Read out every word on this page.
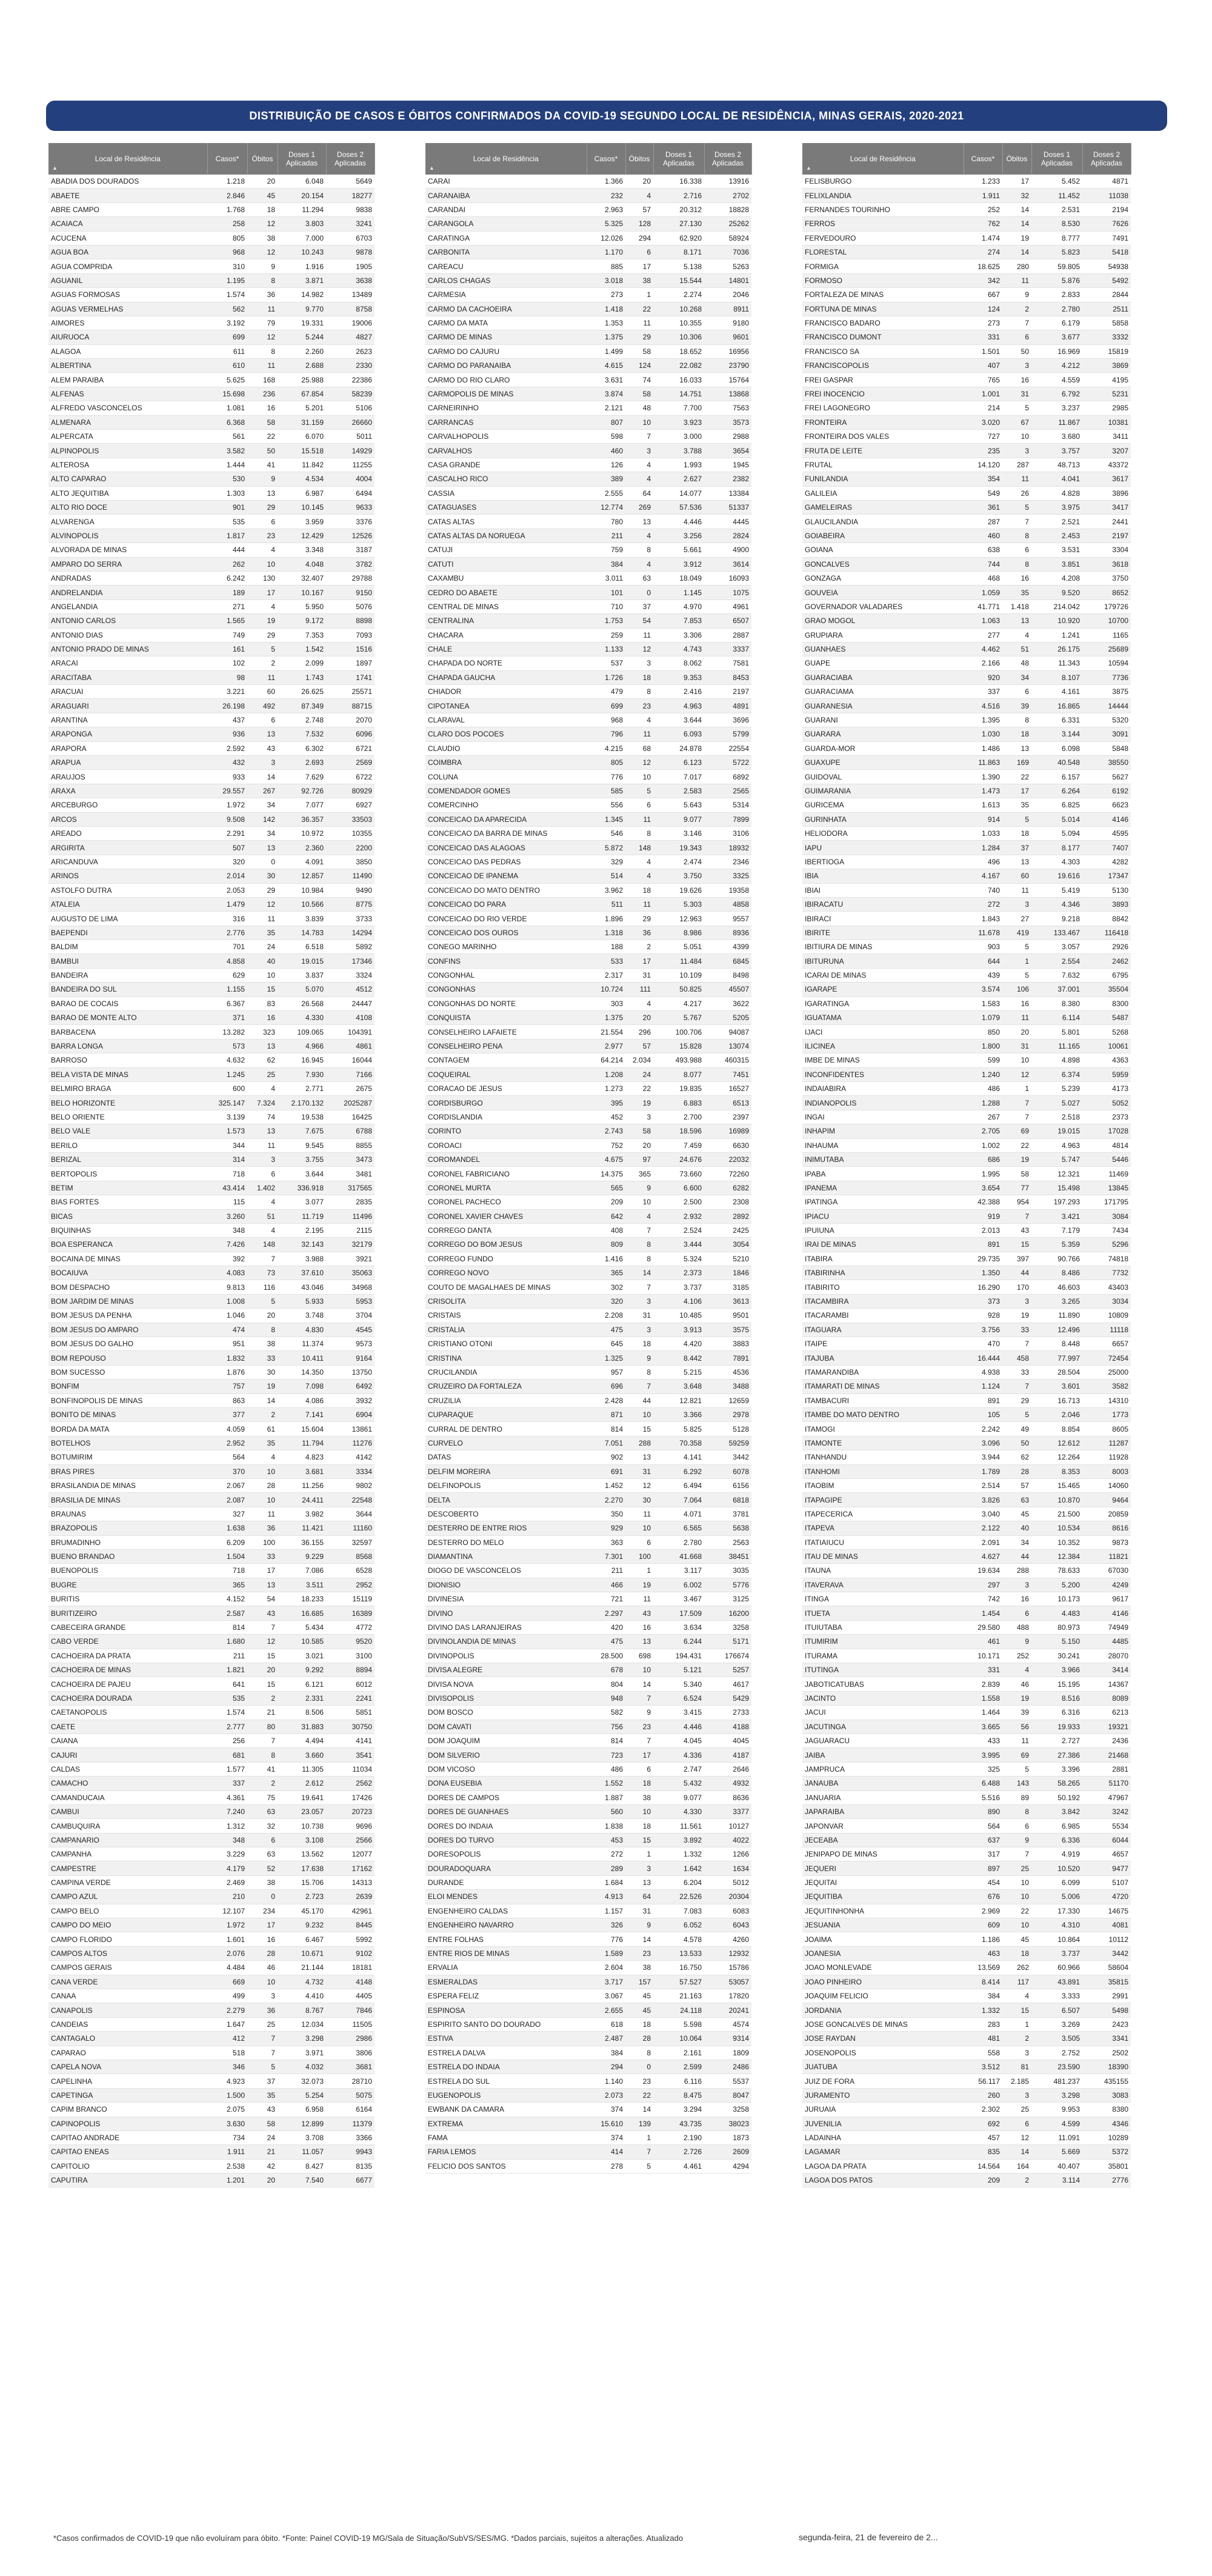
DISTRIBUIÇÃO DE CASOS E ÓBITOS CONFIRMADOS DA COVID-19 SEGUNDO LOCAL DE RESIDÊNCIA, MINAS GERAIS, 2020-2021
▲
Local de Residência	Casos*	Óbitos	Doses 1 Aplicadas	Doses 2 Aplicadas
ABADIA DOS DOURADOS	1.218	20	6.048	5649
ABAETE	2.846	45	20.154	18277
ABRE CAMPO	1.768	18	11.294	9838
ACAIACA	258	12	3.803	3241
ACUCENA	805	38	7.000	6703
AGUA BOA	968	12	10.243	9878
AGUA COMPRIDA	310	9	1.916	1905
AGUANIL	1.195	8	3.871	3638
AGUAS FORMOSAS	1.574	36	14.982	13489
AGUAS VERMELHAS	562	11	9.770	8758
AIMORES	3.192	79	19.331	19006
AIURUOCA	699	12	5.244	4827
ALAGOA	611	8	2.260	2623
ALBERTINA	610	11	2.688	2330
ALEM PARAIBA	5.625	168	25.988	22386
ALFENAS	15.698	236	67.854	58239
ALFREDO VASCONCELOS	1.081	16	5.201	5106
ALMENARA	6.368	58	31.159	26660
ALPERCATA	561	22	6.070	5011
ALPINOPOLIS	3.582	50	15.518	14929
ALTEROSA	1.444	41	11.842	11255
ALTO CAPARAO	530	9	4.534	4004
ALTO JEQUITIBA	1.303	13	6.987	6494
ALTO RIO DOCE	901	29	10.145	9633
ALVARENGA	535	6	3.959	3376
ALVINOPOLIS	1.817	23	12.429	12526
ALVORADA DE MINAS	444	4	3.348	3187
AMPARO DO SERRA	262	10	4.048	3782
ANDRADAS	6.242	130	32.407	29788
ANDRELANDIA	189	17	10.167	9150
ANGELANDIA	271	4	5.950	5076
ANTONIO CARLOS	1.565	19	9.172	8898
ANTONIO DIAS	749	29	7.353	7093
ANTONIO PRADO DE MINAS	161	5	1.542	1516
ARACAI	102	2	2.099	1897
ARACITABA	98	11	1.743	1741
ARACUAI	3.221	60	26.625	25571
ARAGUARI	26.198	492	87.349	88715
ARANTINA	437	6	2.748	2070
ARAPONGA	936	13	7.532	6096
ARAPORA	2.592	43	6.302	6721
ARAPUA	432	3	2.693	2569
ARAUJOS	933	14	7.629	6722
ARAXA	29.557	267	92.726	80929
ARCEBURGO	1.972	34	7.077	6927
ARCOS	9.508	142	36.357	33503
AREADO	2.291	34	10.972	10355
ARGIRITA	507	13	2.360	2200
ARICANDUVA	320	0	4.091	3850
ARINOS	2.014	30	12.857	11490
ASTOLFO DUTRA	2.053	29	10.984	9490
ATALEIA	1.479	12	10.566	8775
AUGUSTO DE LIMA	316	11	3.839	3733
BAEPENDI	2.776	35	14.783	14294
BALDIM	701	24	6.518	5892
BAMBUI	4.858	40	19.015	17346
BANDEIRA	629	10	3.837	3324
BANDEIRA DO SUL	1.155	15	5.070	4512
BARAO DE COCAIS	6.367	83	26.568	24447
BARAO DE MONTE ALTO	371	16	4.330	4108
BARBACENA	13.282	323	109.065	104391
BARRA LONGA	573	13	4.966	4861
BARROSO	4.632	62	16.945	16044
BELA VISTA DE MINAS	1.245	25	7.930	7166
BELMIRO BRAGA	600	4	2.771	2675
BELO HORIZONTE	325.147	7.324	2.170.132	2025287
BELO ORIENTE	3.139	74	19.538	16425
BELO VALE	1.573	13	7.675	6788
BERILO	344	11	9.545	8855
BERIZAL	314	3	3.755	3473
BERTOPOLIS	718	6	3.644	3481
BETIM	43.414	1.402	336.918	317565
BIAS FORTES	115	4	3.077	2835
BICAS	3.260	51	11.719	11496
BIQUINHAS	348	4	2.195	2115
BOA ESPERANCA	7.426	148	32.143	32179
BOCAINA DE MINAS	392	7	3.988	3921
BOCAIUVA	4.083	73	37.610	35063
BOM DESPACHO	9.813	116	43.046	34968
BOM JARDIM DE MINAS	1.008	5	5.933	5953
BOM JESUS DA PENHA	1.046	20	3.748	3704
BOM JESUS DO AMPARO	474	8	4.830	4545
BOM JESUS DO GALHO	951	38	11.374	9573
BOM REPOUSO	1.832	33	10.411	9164
BOM SUCESSO	1.876	30	14.350	13750
BONFIM	757	19	7.098	6492
BONFINOPOLIS DE MINAS	863	14	4.086	3932
BONITO DE MINAS	377	2	7.141	6904
BORDA DA MATA	4.059	61	15.604	13861
BOTELHOS	2.952	35	11.794	11276
BOTUMIRIM	564	4	4.823	4142
BRAS PIRES	370	10	3.681	3334
BRASILANDIA DE MINAS	2.067	28	11.256	9802
BRASILIA DE MINAS	2.087	10	24.411	22548
BRAUNAS	327	11	3.982	3644
BRAZOPOLIS	1.638	36	11.421	11160
BRUMADINHO	6.209	100	36.155	32597
BUENO BRANDAO	1.504	33	9.229	8568
BUENOPOLIS	718	17	7.086	6528
BUGRE	365	13	3.511	2952
BURITIS	4.152	54	18.233	15119
BURITIZEIRO	2.587	43	16.685	16389
CABECEIRA GRANDE	814	7	5.434	4772
CABO VERDE	1.680	12	10.585	9520
CACHOEIRA DA PRATA	211	15	3.021	3100
CACHOEIRA DE MINAS	1.821	20	9.292	8894
CACHOEIRA DE PAJEU	641	15	6.121	6012
CACHOEIRA DOURADA	535	2	2.331	2241
CAETANOPOLIS	1.574	21	8.506	5851
CAETE	2.777	80	31.883	30750
CAIANA	256	7	4.494	4141
CAJURI	681	8	3.660	3541
CALDAS	1.577	41	11.305	11034
CAMACHO	337	2	2.612	2562
CAMANDUCAIA	4.361	75	19.641	17426
CAMBUI	7.240	63	23.057	20723
CAMBUQUIRA	1.312	32	10.738	9696
CAMPANARIO	348	6	3.108	2566
CAMPANHA	3.229	63	13.562	12077
CAMPESTRE	4.179	52	17.638	17162
CAMPINA VERDE	2.469	38	15.706	14313
CAMPO AZUL	210	0	2.723	2639
CAMPO BELO	12.107	234	45.170	42961
CAMPO DO MEIO	1.972	17	9.232	8445
CAMPO FLORIDO	1.601	16	6.467	5992
CAMPOS ALTOS	2.076	28	10.671	9102
CAMPOS GERAIS	4.484	46	21.144	18181
CANA VERDE	669	10	4.732	4148
CANAA	499	3	4.410	4405
CANAPOLIS	2.279	36	8.767	7846
CANDEIAS	1.647	25	12.034	11505
CANTAGALO	412	7	3.298	2986
CAPARAO	518	7	3.971	3806
CAPELA NOVA	346	5	4.032	3681
CAPELINHA	4.923	37	32.073	28710
CAPETINGA	1.500	35	5.254	5075
CAPIM BRANCO	2.075	43	6.958	6164
CAPINOPOLIS	3.630	58	12.899	11379
CAPITAO ANDRADE	734	24	3.708	3366
CAPITAO ENEAS	1.911	21	11.057	9943
CAPITOLIO	2.538	42	8.427	8135
CAPUTIRA	1.201	20	7.540	6677
▲
Local de Residência	Casos*	Óbitos	Doses 1 Aplicadas	Doses 2 Aplicadas
CARAI	1.366	20	16.338	13916
CARANAIBA	232	4	2.716	2702
CARANDAI	2.963	57	20.312	18828
CARANGOLA	5.325	128	27.130	25262
CARATINGA	12.026	294	62.920	58924
CARBONITA	1.170	6	8.171	7036
CAREACU	885	17	5.138	5263
CARLOS CHAGAS	3.018	38	15.544	14801
CARMESIA	273	1	2.274	2046
CARMO DA CACHOEIRA	1.418	22	10.268	8911
CARMO DA MATA	1.353	11	10.355	9180
CARMO DE MINAS	1.375	29	10.306	9601
CARMO DO CAJURU	1.499	58	18.652	16956
CARMO DO PARANAIBA	4.615	124	22.082	23790
CARMO DO RIO CLARO	3.631	74	16.033	15764
CARMOPOLIS DE MINAS	3.874	58	14.751	13868
CARNEIRINHO	2.121	48	7.700	7563
CARRANCAS	807	10	3.923	3573
CARVALHOPOLIS	598	7	3.000	2988
CARVALHOS	460	3	3.788	3654
CASA GRANDE	126	4	1.993	1945
CASCALHO RICO	389	4	2.627	2382
CASSIA	2.555	64	14.077	13384
CATAGUASES	12.774	269	57.536	51337
CATAS ALTAS	780	13	4.446	4445
CATAS ALTAS DA NORUEGA	211	4	3.256	2824
CATUJI	759	8	5.661	4900
CATUTI	384	4	3.912	3614
CAXAMBU	3.011	63	18.049	16093
CEDRO DO ABAETE	101	0	1.145	1075
CENTRAL DE MINAS	710	37	4.970	4961
CENTRALINA	1.753	54	7.853	6507
CHACARA	259	11	3.306	2887
CHALE	1.133	12	4.743	3337
CHAPADA DO NORTE	537	3	8.062	7581
CHAPADA GAUCHA	1.726	18	9.353	8453
CHIADOR	479	8	2.416	2197
CIPOTANEA	699	23	4.963	4891
CLARAVAL	968	4	3.644	3696
CLARO DOS POCOES	796	11	6.093	5799
CLAUDIO	4.215	68	24.878	22554
COIMBRA	805	12	6.123	5722
COLUNA	776	10	7.017	6892
COMENDADOR GOMES	585	5	2.583	2565
COMERCINHO	556	6	5.643	5314
CONCEICAO DA APARECIDA	1.345	11	9.077	7899
CONCEICAO DA BARRA DE MINAS	546	8	3.146	3106
CONCEICAO DAS ALAGOAS	5.872	148	19.343	18932
CONCEICAO DAS PEDRAS	329	4	2.474	2346
CONCEICAO DE IPANEMA	514	4	3.750	3325
CONCEICAO DO MATO DENTRO	3.962	18	19.626	19358
CONCEICAO DO PARA	511	11	5.303	4858
CONCEICAO DO RIO VERDE	1.896	29	12.963	9557
CONCEICAO DOS OUROS	1.318	36	8.986	8936
CONEGO MARINHO	188	2	5.051	4399
CONFINS	533	17	11.484	6845
CONGONHAL	2.317	31	10.109	8498
CONGONHAS	10.724	111	50.825	45507
CONGONHAS DO NORTE	303	4	4.217	3622
CONQUISTA	1.375	20	5.767	5205
CONSELHEIRO LAFAIETE	21.554	296	100.706	94087
CONSELHEIRO PENA	2.977	57	15.828	13074
CONTAGEM	64.214	2.034	493.988	460315
COQUEIRAL	1.208	24	8.077	7451
CORACAO DE JESUS	1.273	22	19.835	16527
CORDISBURGO	395	19	6.883	6513
CORDISLANDIA	452	3	2.700	2397
CORINTO	2.743	58	18.596	16989
COROACI	752	20	7.459	6630
COROMANDEL	4.675	97	24.676	22032
CORONEL FABRICIANO	14.375	365	73.660	72260
CORONEL MURTA	565	9	6.600	6282
CORONEL PACHECO	209	10	2.500	2308
CORONEL XAVIER CHAVES	642	4	2.932	2892
CORREGO DANTA	408	7	2.524	2425
CORREGO DO BOM JESUS	809	8	3.444	3054
CORREGO FUNDO	1.416	8	5.324	5210
CORREGO NOVO	365	14	2.373	1846
COUTO DE MAGALHAES DE MINAS	302	7	3.737	3185
CRISOLITA	320	3	4.106	3613
CRISTAIS	2.208	31	10.485	9501
CRISTALIA	475	3	3.913	3575
CRISTIANO OTONI	645	18	4.420	3883
CRISTINA	1.325	9	8.442	7891
CRUCILANDIA	957	8	5.215	4536
CRUZEIRO DA FORTALEZA	696	7	3.648	3488
CRUZILIA	2.428	44	12.821	12659
CUPARAQUE	871	10	3.366	2978
CURRAL DE DENTRO	814	15	5.825	5128
CURVELO	7.051	288	70.358	59259
DATAS	902	13	4.141	3442
DELFIM MOREIRA	691	31	6.292	6078
DELFINOPOLIS	1.452	12	6.494	6156
DELTA	2.270	30	7.064	6818
DESCOBERTO	350	11	4.071	3781
DESTERRO DE ENTRE RIOS	929	10	6.565	5638
DESTERRO DO MELO	363	6	2.780	2563
DIAMANTINA	7.301	100	41.668	38451
DIOGO DE VASCONCELOS	211	1	3.117	3035
DIONISIO	466	19	6.002	5776
DIVINESIA	721	11	3.467	3125
DIVINO	2.297	43	17.509	16200
DIVINO DAS LARANJEIRAS	420	16	3.634	3258
DIVINOLANDIA DE MINAS	475	13	6.244	5171
DIVINOPOLIS	28.500	698	194.431	176674
DIVISA ALEGRE	678	10	5.121	5257
DIVISA NOVA	804	14	5.340	4617
DIVISOPOLIS	948	7	6.524	5429
DOM BOSCO	582	9	3.415	2733
DOM CAVATI	756	23	4.446	4188
DOM JOAQUIM	814	7	4.045	4045
DOM SILVERIO	723	17	4.336	4187
DOM VICOSO	486	6	2.747	2646
DONA EUSEBIA	1.552	18	5.432	4932
DORES DE CAMPOS	1.887	38	9.077	8636
DORES DE GUANHAES	560	10	4.330	3377
DORES DO INDAIA	1.838	18	11.561	10127
DORES DO TURVO	453	15	3.892	4022
DORESOPOLIS	272	1	1.332	1266
DOURADOQUARA	289	3	1.642	1634
DURANDE	1.684	13	6.204	5012
ELOI MENDES	4.913	64	22.526	20304
ENGENHEIRO CALDAS	1.157	31	7.083	6083
ENGENHEIRO NAVARRO	326	9	6.052	6043
ENTRE FOLHAS	776	14	4.578	4260
ENTRE RIOS DE MINAS	1.589	23	13.533	12932
ERVALIA	2.604	38	16.750	15786
ESMERALDAS	3.717	157	57.527	53057
ESPERA FELIZ	3.067	45	21.163	17820
ESPINOSA	2.655	45	24.118	20241
ESPIRITO SANTO DO DOURADO	618	18	5.598	4574
ESTIVA	2.487	28	10.064	9314
ESTRELA DALVA	384	8	2.161	1809
ESTRELA DO INDAIA	294	0	2.599	2486
ESTRELA DO SUL	1.140	23	6.116	5537
EUGENOPOLIS	2.073	22	8.475	8047
EWBANK DA CAMARA	374	14	3.294	3258
EXTREMA	15.610	139	43.735	38023
FAMA	374	1	2.190	1873
FARIA LEMOS	414	7	2.726	2609
FELICIO DOS SANTOS	278	5	4.461	4294
▲
Local de Residência	Casos*	Óbitos	Doses 1 Aplicadas	Doses 2 Aplicadas
FELISBURGO	1.233	17	5.452	4871
FELIXLANDIA	1.911	32	11.452	11038
FERNANDES TOURINHO	252	14	2.531	2194
FERROS	762	14	8.530	7626
FERVEDOURO	1.474	19	8.777	7491
FLORESTAL	274	14	5.823	5418
FORMIGA	18.625	280	59.805	54938
FORMOSO	342	11	5.876	5492
FORTALEZA DE MINAS	667	9	2.833	2844
FORTUNA DE MINAS	124	2	2.780	2511
FRANCISCO BADARO	273	7	6.179	5858
FRANCISCO DUMONT	331	6	3.677	3332
FRANCISCO SA	1.501	50	16.969	15819
FRANCISCOPOLIS	407	3	4.212	3869
FREI GASPAR	765	16	4.559	4195
FREI INOCENCIO	1.001	31	6.792	5231
FREI LAGONEGRO	214	5	3.237	2985
FRONTEIRA	3.020	67	11.867	10381
FRONTEIRA DOS VALES	727	10	3.680	3411
FRUTA DE LEITE	235	3	3.757	3207
FRUTAL	14.120	287	48.713	43372
FUNILANDIA	354	11	4.041	3617
GALILEIA	549	26	4.828	3896
GAMELEIRAS	361	5	3.975	3417
GLAUCILANDIA	287	7	2.521	2441
GOIABEIRA	460	8	2.453	2197
GOIANA	638	6	3.531	3304
GONCALVES	744	8	3.851	3618
GONZAGA	468	16	4.208	3750
GOUVEIA	1.059	35	9.520	8652
GOVERNADOR VALADARES	41.771	1.418	214.042	179726
GRAO MOGOL	1.063	13	10.920	10700
GRUPIARA	277	4	1.241	1165
GUANHAES	4.462	51	26.175	25689
GUAPE	2.166	48	11.343	10594
GUARACIABA	920	34	8.107	7736
GUARACIAMA	337	6	4.161	3875
GUARANESIA	4.516	39	16.865	14444
GUARANI	1.395	8	6.331	5320
GUARARA	1.030	18	3.144	3091
GUARDA-MOR	1.486	13	6.098	5848
GUAXUPE	11.863	169	40.548	38550
GUIDOVAL	1.390	22	6.157	5627
GUIMARANIA	1.473	17	6.264	6192
GURICEMA	1.613	35	6.825	6623
GURINHATA	914	5	5.014	4146
HELIODORA	1.033	18	5.094	4595
IAPU	1.284	37	8.177	7407
IBERTIOGA	496	13	4.303	4282
IBIA	4.167	60	19.616	17347
IBIAI	740	11	5.419	5130
IBIRACATU	272	3	4.346	3893
IBIRACI	1.843	27	9.218	8842
IBIRITE	11.678	419	133.467	116418
IBITIURA DE MINAS	903	5	3.057	2926
IBITURUNA	644	1	2.554	2462
ICARAI DE MINAS	439	5	7.632	6795
IGARAPE	3.574	106	37.001	35504
IGARATINGA	1.583	16	8.380	8300
IGUATAMA	1.079	11	6.114	5487
IJACI	850	20	5.801	5268
ILICINEA	1.800	31	11.165	10061
IMBE DE MINAS	599	10	4.898	4363
INCONFIDENTES	1.240	12	6.374	5959
INDAIABIRA	486	1	5.239	4173
INDIANOPOLIS	1.288	7	5.027	5052
INGAI	267	7	2.518	2373
INHAPIM	2.705	69	19.015	17028
INHAUMA	1.002	22	4.963	4814
INIMUTABA	686	19	5.747	5446
IPABA	1.995	58	12.321	11469
IPANEMA	3.654	77	15.498	13845
IPATINGA	42.388	954	197.293	171795
IPIACU	919	7	3.421	3084
IPUIUNA	2.013	43	7.179	7434
IRAI DE MINAS	891	15	5.359	5296
ITABIRA	29.735	397	90.766	74818
ITABIRINHA	1.350	44	8.486	7732
ITABIRITO	16.290	170	46.603	43403
ITACAMBIRA	373	3	3.265	3034
ITACARAMBI	928	19	11.890	10809
ITAGUARA	3.756	33	12.496	11118
ITAIPE	470	7	8.448	6657
ITAJUBA	16.444	458	77.997	72454
ITAMARANDIBA	4.938	33	28.504	25000
ITAMARATI DE MINAS	1.124	7	3.601	3582
ITAMBACURI	891	29	16.713	14310
ITAMBE DO MATO DENTRO	105	5	2.046	1773
ITAMOGI	2.242	49	8.854	8605
ITAMONTE	3.096	50	12.612	11287
ITANHANDU	3.944	62	12.264	11928
ITANHOMI	1.789	28	8.353	8003
ITAOBIM	2.514	57	15.465	14060
ITAPAGIPE	3.826	63	10.870	9464
ITAPECERICA	3.040	45	21.500	20859
ITAPEVA	2.122	40	10.534	8616
ITATIAIUCU	2.091	34	10.352	9873
ITAU DE MINAS	4.627	44	12.384	11821
ITAUNA	19.634	288	78.633	67030
ITAVERAVA	297	3	5.200	4249
ITINGA	742	16	10.173	9617
ITUETA	1.454	6	4.483	4146
ITUIUTABA	29.580	488	80.973	74949
ITUMIRIM	461	9	5.150	4485
ITURAMA	10.171	252	30.241	28070
ITUTINGA	331	4	3.966	3414
JABOTICATUBAS	2.839	46	15.195	14367
JACINTO	1.558	19	8.516	8089
JACUI	1.464	39	6.316	6213
JACUTINGA	3.665	56	19.933	19321
JAGUARACU	433	11	2.727	2436
JAIBA	3.995	69	27.386	21468
JAMPRUCA	325	5	3.396	2881
JANAUBA	6.488	143	58.265	51170
JANUARIA	5.516	89	50.192	47967
JAPARAIBA	890	8	3.842	3242
JAPONVAR	564	6	6.985	5534
JECEABA	637	9	6.336	6044
JENIPAPO DE MINAS	317	7	4.919	4657
JEQUERI	897	25	10.520	9477
JEQUITAI	454	10	6.099	5107
JEQUITIBA	676	10	5.006	4720
JEQUITINHONHA	2.969	22	17.330	14675
JESUANIA	609	10	4.310	4081
JOAIMA	1.186	45	10.864	10112
JOANESIA	463	18	3.737	3442
JOAO MONLEVADE	13.569	262	60.966	58604
JOAO PINHEIRO	8.414	117	43.891	35815
JOAQUIM FELICIO	384	4	3.333	2991
JORDANIA	1.332	15	6.507	5498
JOSE GONCALVES DE MINAS	283	1	3.269	2423
JOSE RAYDAN	481	2	3.505	3341
JOSENOPOLIS	558	3	2.752	2502
JUATUBA	3.512	81	23.590	18390
JUIZ DE FORA	56.117	2.185	481.237	435155
JURAMENTO	260	3	3.298	3083
JURUAIA	2.302	25	9.953	8380
JUVENILIA	692	6	4.599	4346
LADAINHA	457	12	11.091	10289
LAGAMAR	835	14	5.669	5372
LAGOA DA PRATA	14.564	164	40.407	35801
LAGOA DOS PATOS	209	2	3.114	2776
*Casos confirmados de COVID-19 que não evoluíram para óbito. *Fonte: Painel COVID-19 MG/Sala de Situação/SubVS/SES/MG. *Dados parciais, sujeitos a alterações. Atualizado	segunda-feira, 21 de fevereiro de 2...
